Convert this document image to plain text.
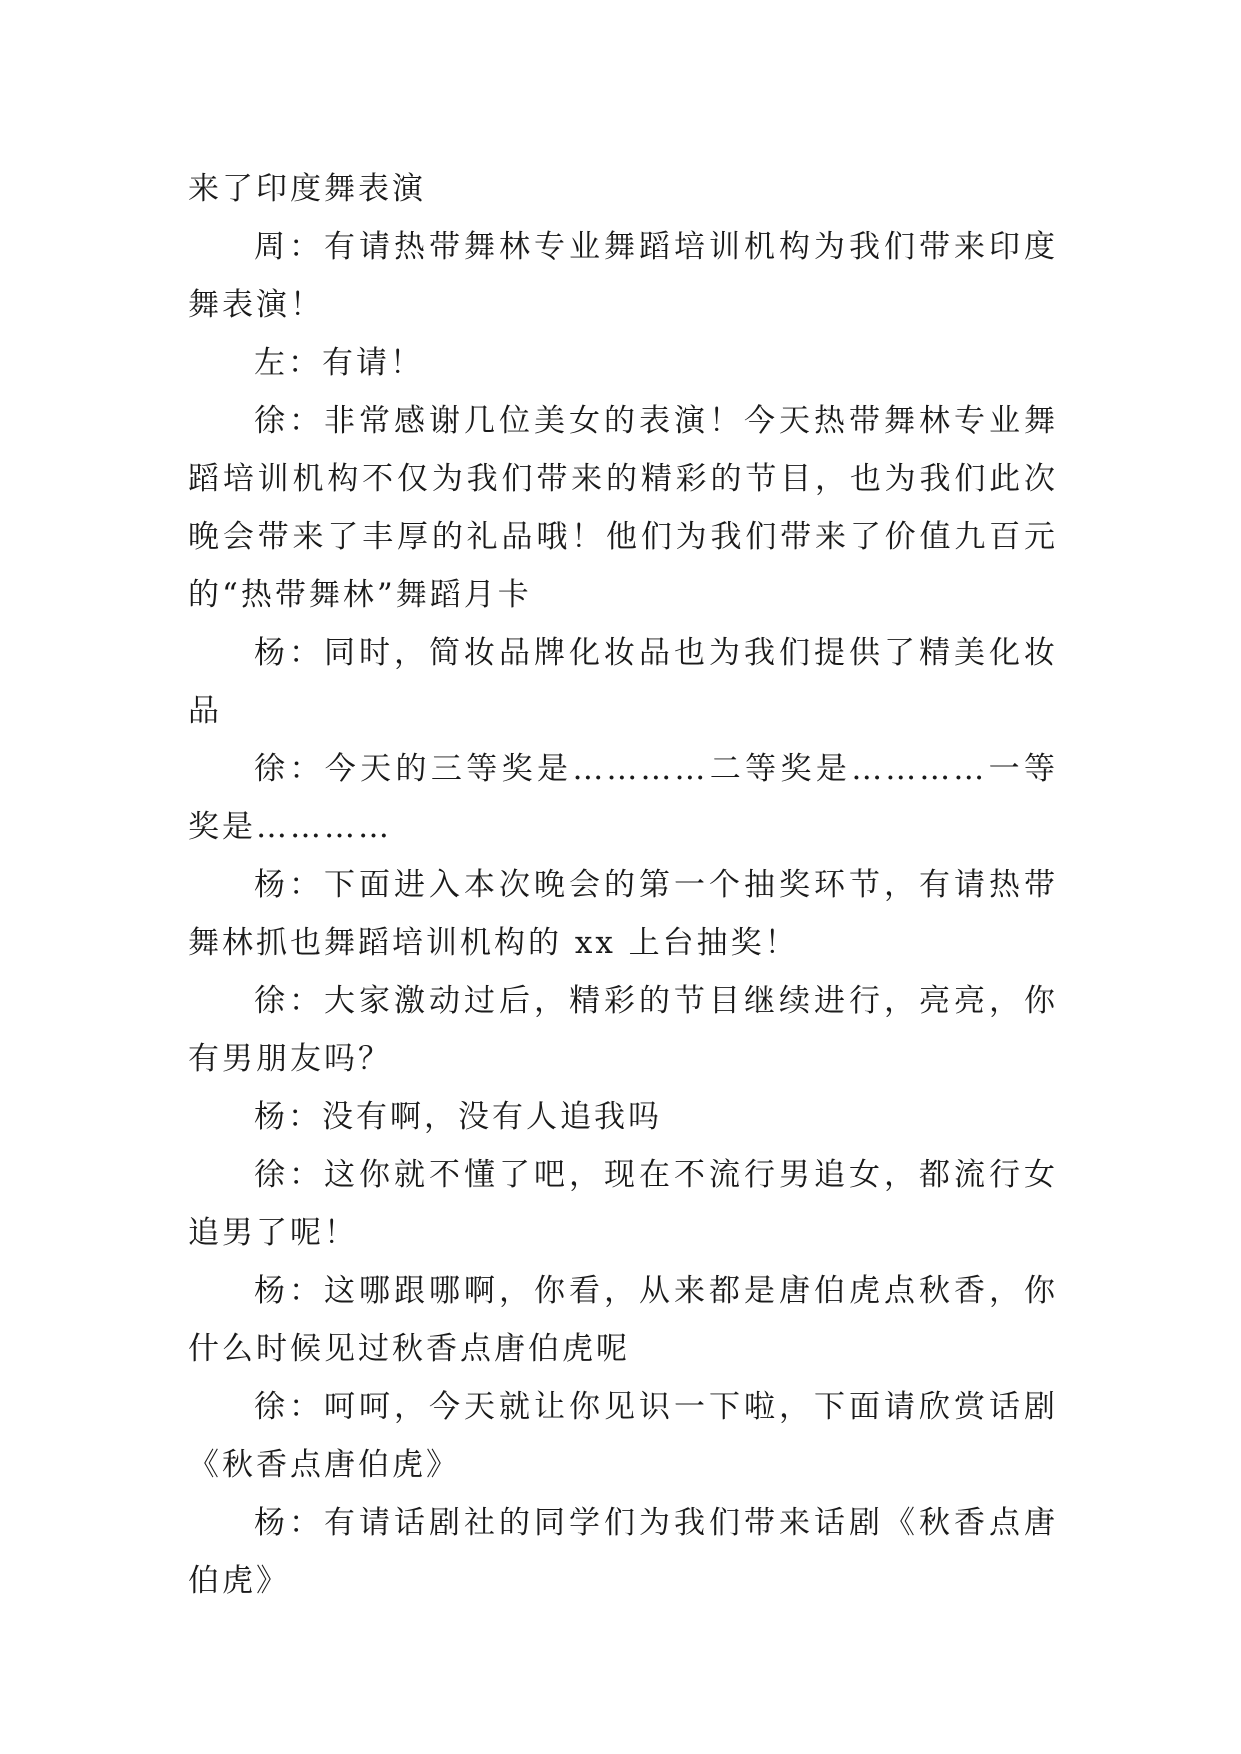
来了印度舞表演

周：有请热带舞林专业舞蹈培训机构为我们带来印度舞表演！

左：有请！

徐：非常感谢几位美女的表演！今天热带舞林专业舞蹈培训机构不仅为我们带来的精彩的节目，也为我们此次晚会带来了丰厚的礼品哦！他们为我们带来了价值九百元的“热带舞林”舞蹈月卡

杨：同时，简妆品牌化妆品也为我们提供了精美化妆品

徐：今天的三等奖是…………二等奖是…………一等奖是…………

杨：下面进入本次晚会的第一个抽奖环节，有请热带舞林抓也舞蹈培训机构的 xx 上台抽奖！

徐：大家激动过后，精彩的节目继续进行，亮亮，你有男朋友吗？

杨：没有啊，没有人追我吗

徐：这你就不懂了吧，现在不流行男追女，都流行女追男了呢！

杨：这哪跟哪啊，你看，从来都是唐伯虎点秋香，你什么时候见过秋香点唐伯虎呢

徐：呵呵，今天就让你见识一下啦，下面请欣赏话剧《秋香点唐伯虎》

杨：有请话剧社的同学们为我们带来话剧《秋香点唐伯虎》
